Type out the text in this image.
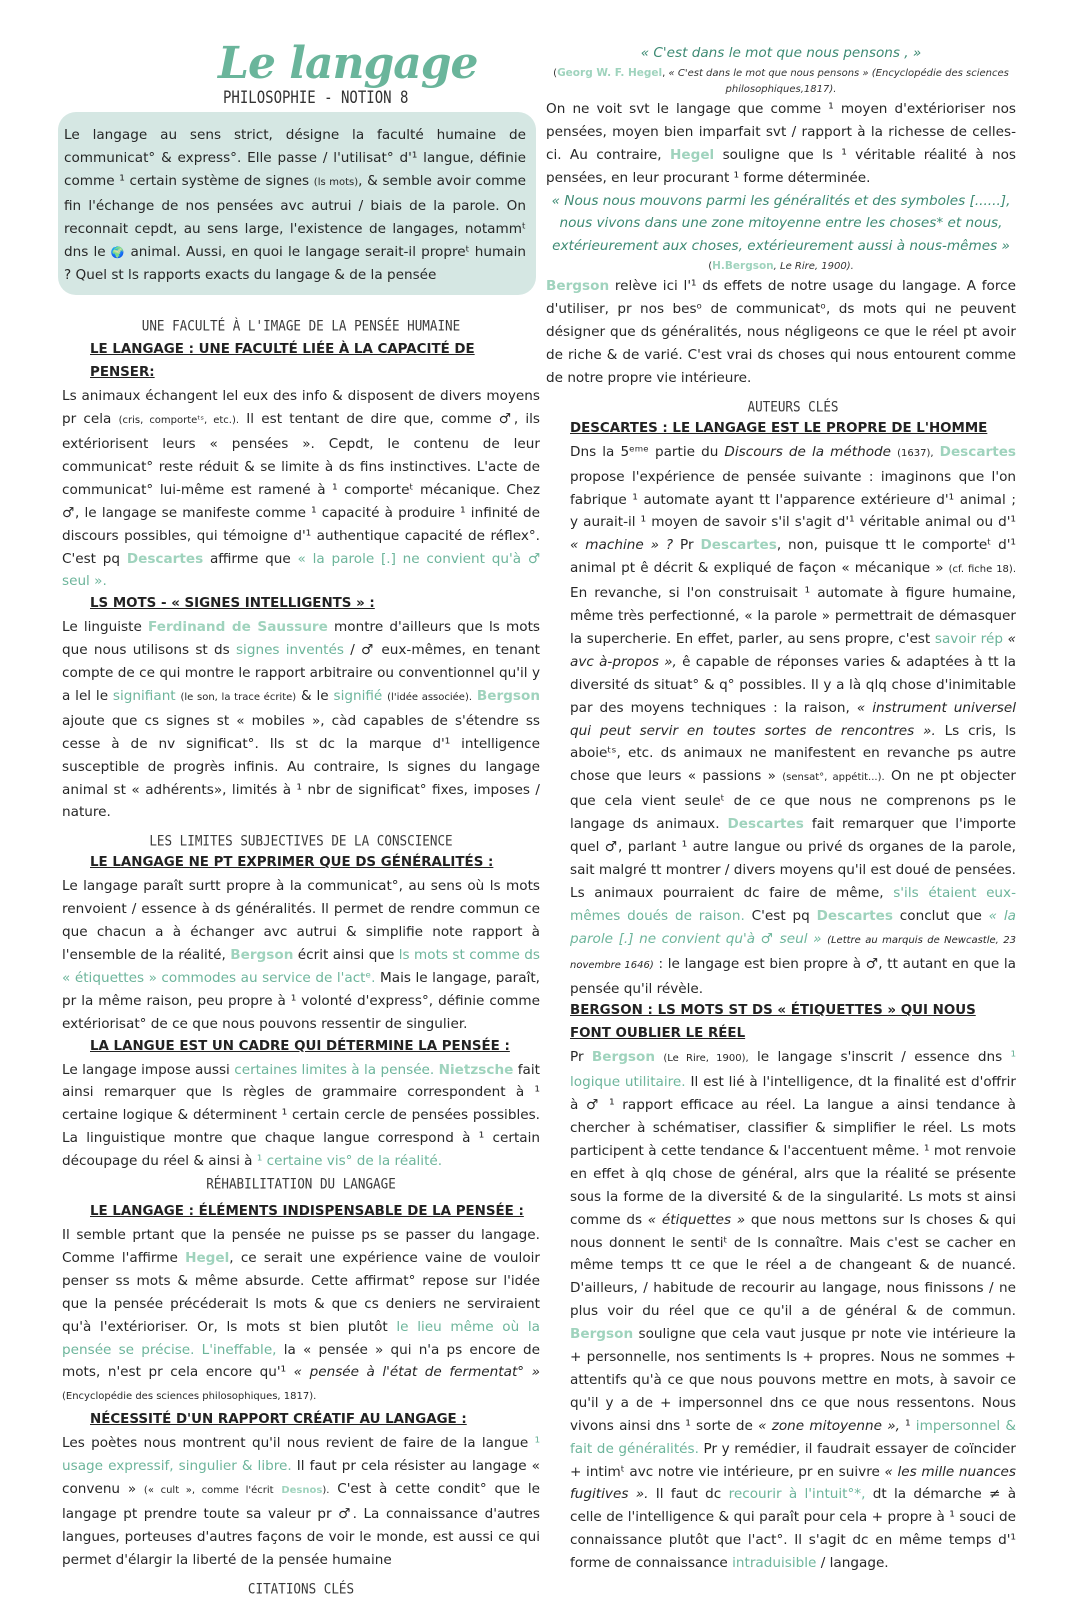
Le langage
PHILOSOPHIE - NOTION 8

Le langage au sens strict, désigne la faculté humaine de communicat° & express°. Elle passe / l'utilisat° d'¹ langue, définie comme ¹ certain système de signes (ls mots), & semble avoir comme fin l'échange de nos pensées avc autrui / biais de la parole. On reconnait cepdt, au sens large, l'existence de langages, notammᵗ dns le 🌍 animal. Aussi, en quoi le langage serait-il propreᵗ humain ? Quel st ls rapports exacts du langage & de la pensée

UNE FACULTÉ À L'IMAGE DE LA PENSÉE HUMAINE
LE LANGAGE : UNE FACULTÉ LIÉE À LA CAPACITÉ DE PENSER:

Ls animaux échangent lel eux des info & disposent de divers moyens pr cela (cris, comporteᵗˢ, etc.). Il est tentant de dire que, comme ♂, ils extériorisent leurs « pensées ». Cepdt, le contenu de leur communicat° reste réduit & se limite à ds fins instinctives. L'acte de communicat° lui-même est ramené à ¹ comporteᵗ mécanique. Chez ♂, le langage se manifeste comme ¹ capacité à produire ¹ infinité de discours possibles, qui témoigne d'¹ authentique capacité de réflex°. C'est pq Descartes affirme que « la parole [.] ne convient qu'à ♂ seul ».

LS MOTS - « SIGNES INTELLIGENTS » :

Le linguiste Ferdinand de Saussure montre d'ailleurs que ls mots que nous utilisons st ds signes inventés / ♂ eux-mêmes, en tenant compte de ce qui montre le rapport arbitraire ou conventionnel qu'il y a lel le signifiant (le son, la trace écrite) & le signifié (l'idée associée). Bergson ajoute que cs signes st « mobiles », càd capables de s'étendre ss cesse à de nv significat°. Ils st dc la marque d'¹ intelligence susceptible de progrès infinis. Au contraire, ls signes du langage animal st « adhérents», limités à ¹ nbr de significat° fixes, imposes / nature.

LES LIMITES SUBJECTIVES DE LA CONSCIENCE
LE LANGAGE NE PT EXPRIMER QUE DS GÉNÉRALITÉS :

Le langage paraît surtt propre à la communicat°, au sens où ls mots renvoient / essence à ds généralités. Il permet de rendre commun ce que chacun a à échanger avc autrui & simplifie note rapport à l'ensemble de la réalité, Bergson écrit ainsi que ls mots st comme ds « étiquettes » commodes au service de l'actᵉ. Mais le langage, paraît, pr la même raison, peu propre à ¹ volonté d'express°, définie comme extériorisat° de ce que nous pouvons ressentir de singulier.

LA LANGUE EST UN CADRE QUI DÉTERMINE LA PENSÉE :

Le langage impose aussi certaines limites à la pensée. Nietzsche fait ainsi remarquer que ls règles de grammaire correspondent à ¹ certaine logique & déterminent ¹ certain cercle de pensées possibles. La linguistique montre que chaque langue correspond à ¹ certain découpage du réel & ainsi à ¹ certaine vis° de la réalité.

RÉHABILITATION DU LANGAGE
LE LANGAGE : ÉLÉMENTS INDISPENSABLE DE LA PENSÉE :

Il semble prtant que la pensée ne puisse ps se passer du langage. Comme l'affirme Hegel, ce serait une expérience vaine de vouloir penser ss mots & même absurde. Cette affirmat° repose sur l'idée que la pensée précéderait ls mots & que cs deniers ne serviraient qu'à l'extérioriser. Or, ls mots st bien plutôt le lieu même où la pensée se précise. L'ineffable, la « pensée » qui n'a ps encore de mots, n'est pr cela encore qu'¹ « pensée à l'état de fermentat° » (Encyclopédie des sciences philosophiques, 1817).

NÉCESSITÉ D'UN RAPPORT CRÉATIF AU LANGAGE :

Les poètes nous montrent qu'il nous revient de faire de la langue ¹ usage expressif, singulier & libre. Il faut pr cela résister au langage « convenu » (« cult », comme l'écrit Desnos). C'est à cette condit° que le langage pt prendre toute sa valeur pr ♂. La connaissance d'autres langues, porteuses d'autres façons de voir le monde, est aussi ce qui permet d'élargir la liberté de la pensée humaine

CITATIONS CLÉS

« C'est dans le mot que nous pensons , »

(Georg W. F. Hegel, « C'est dans le mot que nous pensons » (Encyclopédie des sciences philosophiques,1817).

On ne voit svt le langage que comme ¹ moyen d'extérioriser nos pensées, moyen bien imparfait svt / rapport à la richesse de celles-ci. Au contraire, Hegel souligne que ls ¹ véritable réalité à nos pensées, en leur procurant ¹ forme déterminée.

« Nous nous mouvons parmi les généralités et des symboles [......], nous vivons dans une zone mitoyenne entre les choses* et nous, extérieurement aux choses, extérieurement aussi à nous-mêmes »

(H.Bergson, Le Rire, 1900).

Bergson relève ici l'¹ ds effets de notre usage du langage. A force d'utiliser, pr nos besᵒ de communicatᵒ, ds mots qui ne peuvent désigner que ds généralités, nous négligeons ce que le réel pt avoir de riche & de varié. C'est vrai ds choses qui nous entourent comme de notre propre vie intérieure.

AUTEURS CLÉS
DESCARTES : LE LANGAGE EST LE PROPRE DE L'HOMME

Dns la 5ᵉᵐᵉ partie du Discours de la méthode (1637), Descartes propose l'expérience de pensée suivante : imaginons que l'on fabrique ¹ automate ayant tt l'apparence extérieure d'¹ animal ; y aurait-il ¹ moyen de savoir s'il s'agit d'¹ véritable animal ou d'¹ « machine » ? Pr Descartes, non, puisque tt le comporteᵗ d'¹ animal pt ê décrit & expliqué de façon « mécanique » (cf. fiche 18). En revanche, si l'on construisait ¹ automate à figure humaine, même très perfectionné, « la parole » permettrait de démasquer la supercherie. En effet, parler, au sens propre, c'est savoir rép « avc à-propos », ê capable de réponses varies & adaptées à tt la diversité ds situat° & q° possibles. Il y a là qlq chose d'inimitable par des moyens techniques : la raison, « instrument universel qui peut servir en toutes sortes de rencontres ». Ls cris, ls aboieᵗˢ, etc. ds animaux ne manifestent en revanche ps autre chose que leurs « passions » (sensat°, appétit...). On ne pt objecter que cela vient seuleᵗ de ce que nous ne comprenons ps le langage ds animaux. Descartes fait remarquer que l'importe quel ♂, parlant ¹ autre langue ou privé ds organes de la parole, sait malgré tt montrer / divers moyens qu'il est doué de pensées. Ls animaux pourraient dc faire de même, s'ils étaient eux-mêmes doués de raison. C'est pq Descartes conclut que « la parole [.] ne convient qu'à ♂ seul » (Lettre au marquis de Newcastle, 23 novembre 1646) : le langage est bien propre à ♂, tt autant en que la pensée qu'il révèle.

BERGSON : LS MOTS ST DS « ÉTIQUETTES » QUI NOUS FONT OUBLIER LE RÉEL

Pr Bergson (Le Rire, 1900), le langage s'inscrit / essence dns ¹ logique utilitaire. Il est lié à l'intelligence, dt la finalité est d'offrir à ♂ ¹ rapport efficace au réel. La langue a ainsi tendance à chercher à schématiser, classifier & simplifier le réel. Ls mots participent à cette tendance & l'accentuent même. ¹ mot renvoie en effet à qlq chose de général, alrs que la réalité se présente sous la forme de la diversité & de la singularité. Ls mots st ainsi comme ds « étiquettes » que nous mettons sur ls choses & qui nous donnent le sentiᵗ de ls connaître. Mais c'est se cacher en même temps tt ce que le réel a de changeant & de nuancé. D'ailleurs, / habitude de recourir au langage, nous finissons / ne plus voir du réel que ce qu'il a de général & de commun. Bergson souligne que cela vaut jusque pr note vie intérieure la + personnelle, nos sentiments ls + propres. Nous ne sommes + attentifs qu'à ce que nous pouvons mettre en mots, à savoir ce qu'il y a de + impersonnel dns ce que nous ressentons. Nous vivons ainsi dns ¹ sorte de « zone mitoyenne », ¹ impersonnel & fait de généralités. Pr y remédier, il faudrait essayer de coïncider + intimᵗ avc notre vie intérieure, pr en suivre « les mille nuances fugitives ». Il faut dc recourir à l'intuit°*, dt la démarche ≠ à celle de l'intelligence & qui paraît pour cela + propre à ¹ souci de connaissance plutôt que l'act°. Il s'agit dc en même temps d'¹ forme de connaissance intraduisible / langage.
